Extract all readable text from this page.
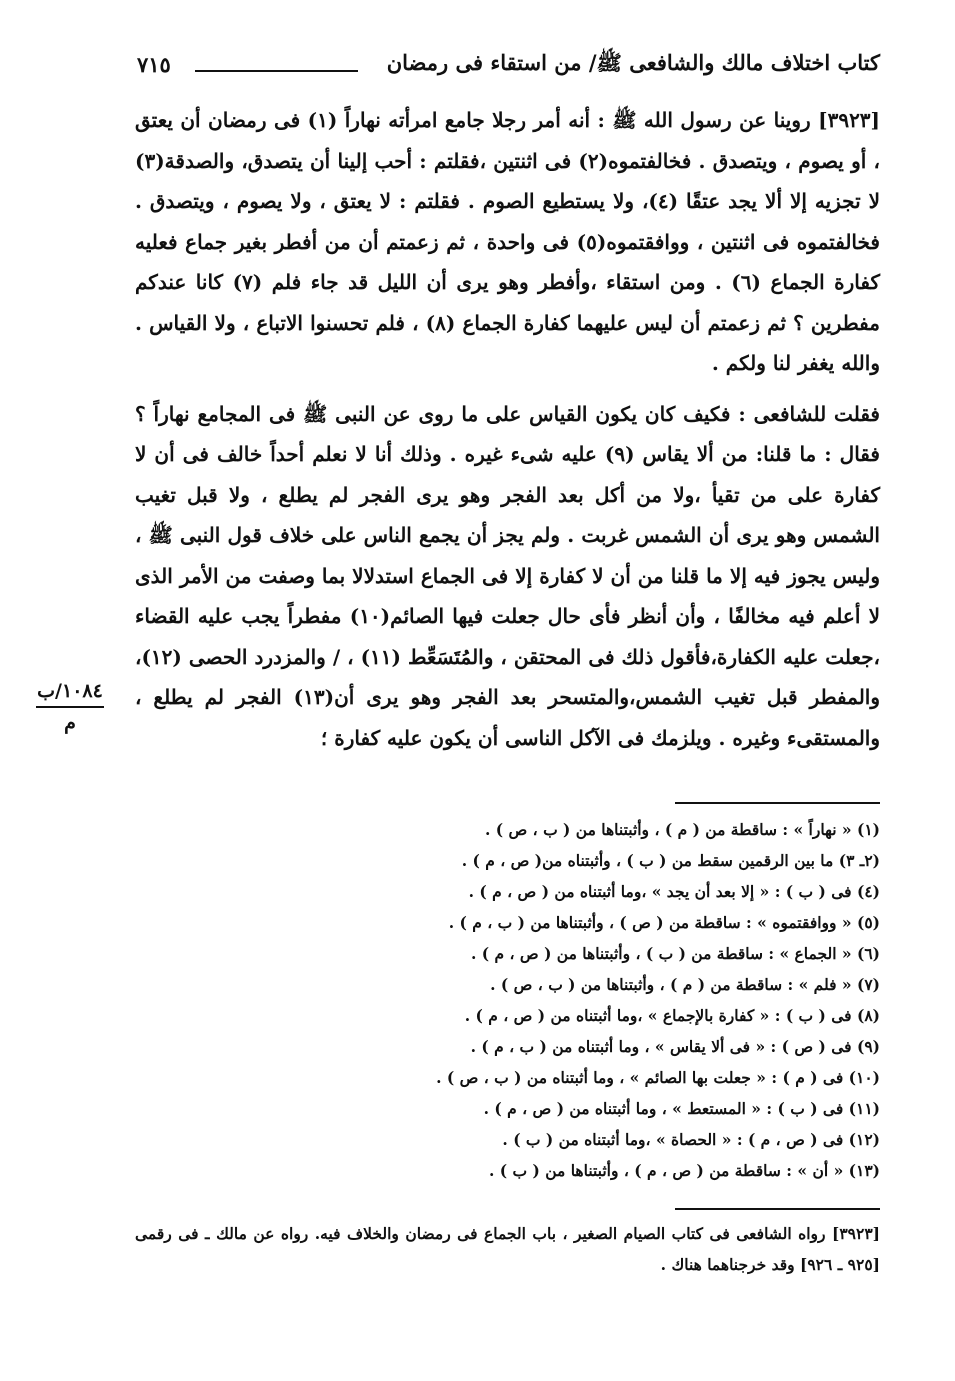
كتاب اختلاف مالك والشافعى ﷺ/ من استقاء فى رمضان
٧١٥

[٣٩٢٣] روينا عن رسول الله ﷺ : أنه أمر رجلا جامع امرأته نهاراً (١) فى رمضان أن يعتق ، أو يصوم ، ويتصدق . فخالفتموه(٢) فى اثنتين ،فقلتم : أحب إلينا أن يتصدق، والصدقة(٣) لا تجزيه إلا ألا يجد عتقًا (٤)، ولا يستطيع الصوم . فقلتم : لا يعتق ، ولا يصوم ، ويتصدق . فخالفتموه فى اثنتين ، ووافقتموه(٥) فى واحدة ، ثم زعمتم أن من أفطر بغير جماع فعليه كفارة الجماع (٦) . ومن استقاء ،وأفطر وهو يرى أن الليل قد جاء فلم (٧) كانا عندكم مفطرين ؟ ثم زعمتم أن ليس عليهما كفارة الجماع (٨) ، فلم تحسنوا الاتباع ، ولا القياس . والله يغفر لنا ولكم .

فقلت للشافعى : فكيف كان يكون القياس على ما روى عن النبى ﷺ فى المجامع نهاراً ؟ فقال : ما قلنا: من ألا يقاس (٩) عليه شىء غيره . وذلك أنا لا نعلم أحداً خالف فى أن لا كفارة على من تقيأ ،ولا من أكل بعد الفجر وهو يرى الفجر لم يطلع ، ولا قبل تغيب الشمس وهو يرى أن الشمس غربت . ولم يجز أن يجمع الناس على خلاف قول النبى ﷺ ، وليس يجوز فيه إلا ما قلنا من أن لا كفارة إلا فى الجماع استدلالا بما وصفت من الأمر الذى لا أعلم فيه مخالفًا ، وأن أنظر فأى حال جعلت فيها الصائم(١٠) مفطراً يجب عليه القضاء ،جعلت عليه الكفارة،فأقول ذلك فى المحتقن ، والمُتَسَعِّط (١١) ، / والمزدرد الحصى (١٢)، والمفطر قبل تغيب الشمس،والمتسحر بعد الفجر وهو يرى أن(١٣) الفجر لم يطلع ، والمستقىء وغيره . ويلزمك فى الآكل الناسى أن يكون عليه كفارة ؛

١٠٨٤/ب
م
(١) « نهاراً » : ساقطة من ( م ) ، وأثبتناها من ( ب ، ص ) .
(٢ـ ٣) ما بين الرقمين سقط من ( ب ) ، وأثبتناه من( ص ، م ) .
(٤) فى ( ب ) : « إلا بعد أن يجد » ،وما أثبتناه من ( ص ، م ) .
(٥) « ووافقتموه » : ساقطة من ( ص ) ، وأثبتناها من ( ب ، م ) .
(٦) « الجماع » : ساقطة من ( ب ) ، وأثبتناها من ( ص ، م ) .
(٧) « فلم » : ساقطة من ( م ) ، وأثبتناها من ( ب ، ص ) .
(٨) فى ( ب ) : « كفارة بالإجماع » ،وما أثبتناه من ( ص ، م ) .
(٩) فى ( ص ) : « فى ألا يقاس » ، وما أثبتناه من ( ب ، م ) .
(١٠) فى ( م ) : « جعلت بها الصائم » ، وما أثبتناه من ( ب ، ص ) .
(١١) فى ( ب ) : « المستعط » ، وما أثبتناه من ( ص ، م ) .
(١٢) فى ( ص ، م ) : « الحصاة » ،وما أثبتناه من ( ب ) .
(١٣) « أن » : ساقطة من ( ص ، م ) ، وأثبتناها من ( ب ) .
[٣٩٢٣] رواه الشافعى فى كتاب الصيام الصغير ، باب الجماع فى رمضان والخلاف فيه. رواه عن مالك ـ فى رقمى [٩٢٥ ـ ٩٢٦] وقد خرجناهما هناك .
